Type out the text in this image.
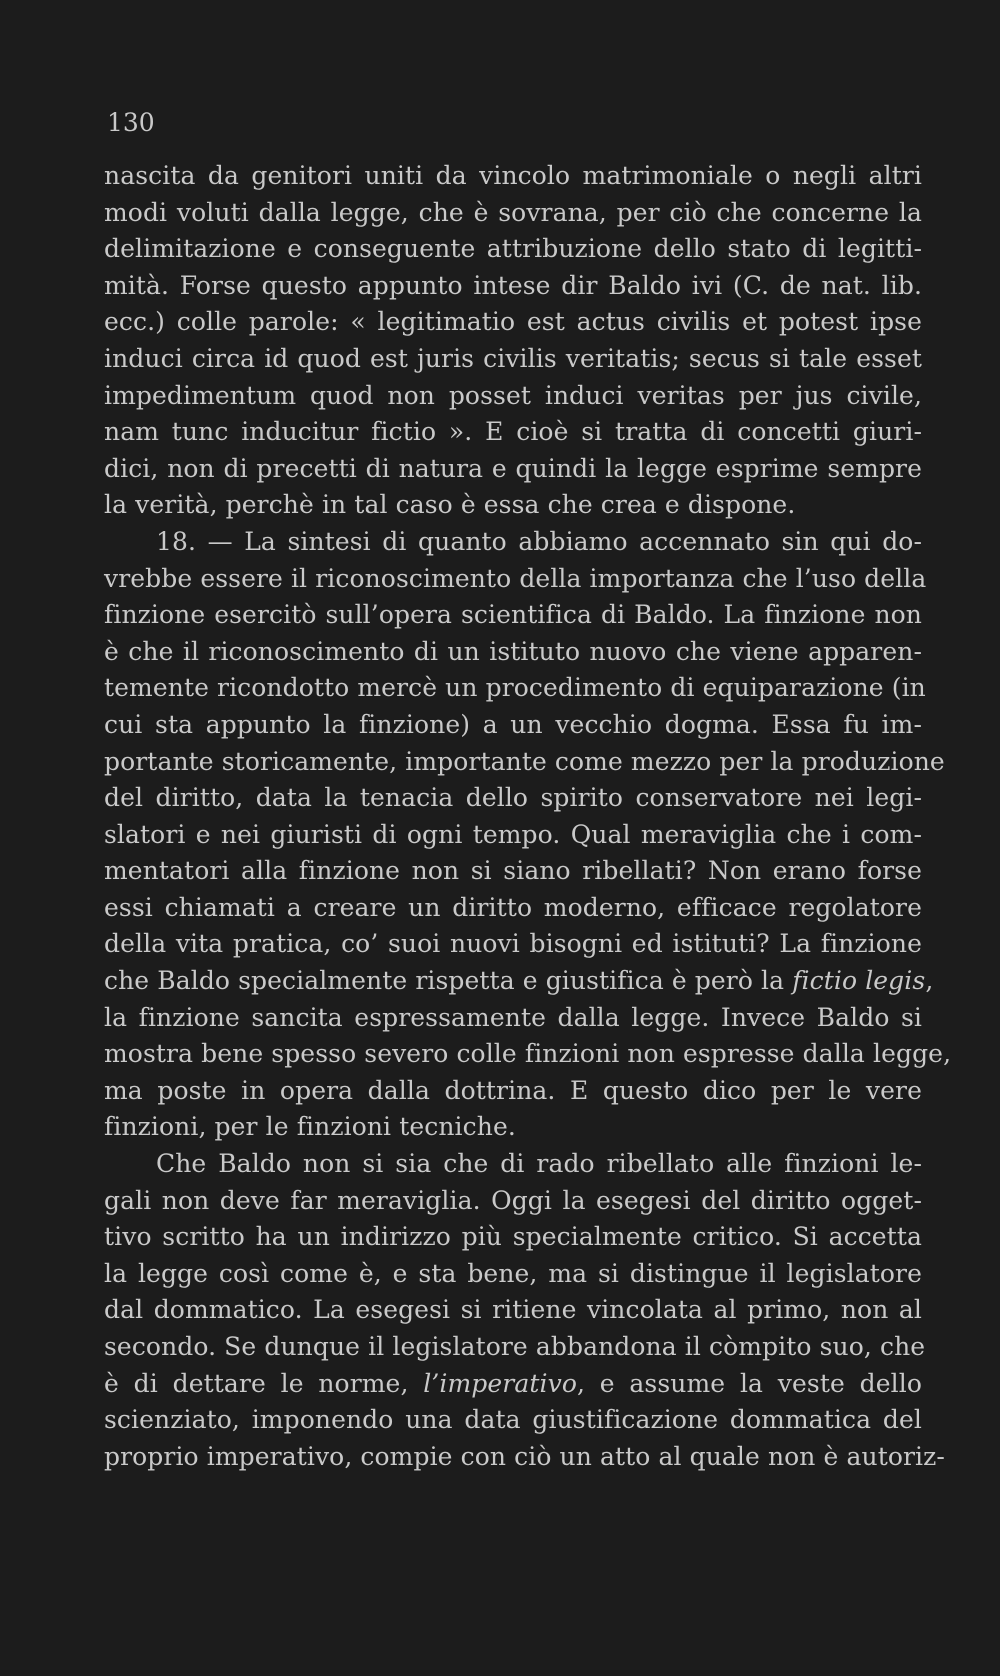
130
nascita da genitori uniti da vincolo matrimoniale o negli altri
modi voluti dalla legge, che è sovrana, per ciò che concerne la
delimitazione e conseguente attribuzione dello stato di legitti-
mità. Forse questo appunto intese dir Baldo ivi (C. de nat. lib.
ecc.) colle parole: « legitimatio est actus civilis et potest ipse
induci circa id quod est juris civilis veritatis; secus si tale esset
impedimentum quod non posset induci veritas per jus civile,
nam tunc inducitur fictio ». E cioè si tratta di concetti giuri-
dici, non di precetti di natura e quindi la legge esprime sempre
la verità, perchè in tal caso è essa che crea e dispone.
18. — La sintesi di quanto abbiamo accennato sin qui do-
vrebbe essere il riconoscimento della importanza che l’uso della
finzione esercitò sull’opera scientifica di Baldo. La finzione non
è che il riconoscimento di un istituto nuovo che viene apparen-
temente ricondotto mercè un procedimento di equiparazione (in
cui sta appunto la finzione) a un vecchio dogma. Essa fu im-
portante storicamente, importante come mezzo per la produzione
del diritto, data la tenacia dello spirito conservatore nei legi-
slatori e nei giuristi di ogni tempo. Qual meraviglia che i com-
mentatori alla finzione non si siano ribellati? Non erano forse
essi chiamati a creare un diritto moderno, efficace regolatore
della vita pratica, co’ suoi nuovi bisogni ed istituti? La finzione
che Baldo specialmente rispetta e giustifica è però la fictio legis,
la finzione sancita espressamente dalla legge. Invece Baldo si
mostra bene spesso severo colle finzioni non espresse dalla legge,
ma poste in opera dalla dottrina. E questo dico per le vere
finzioni, per le finzioni tecniche.
Che Baldo non si sia che di rado ribellato alle finzioni le-
gali non deve far meraviglia. Oggi la esegesi del diritto ogget-
tivo scritto ha un indirizzo più specialmente critico. Si accetta
la legge così come è, e sta bene, ma si distingue il legislatore
dal dommatico. La esegesi si ritiene vincolata al primo, non al
secondo. Se dunque il legislatore abbandona il còmpito suo, che
è di dettare le norme, l’imperativo, e assume la veste dello
scienziato, imponendo una data giustificazione dommatica del
proprio imperativo, compie con ciò un atto al quale non è autoriz-
